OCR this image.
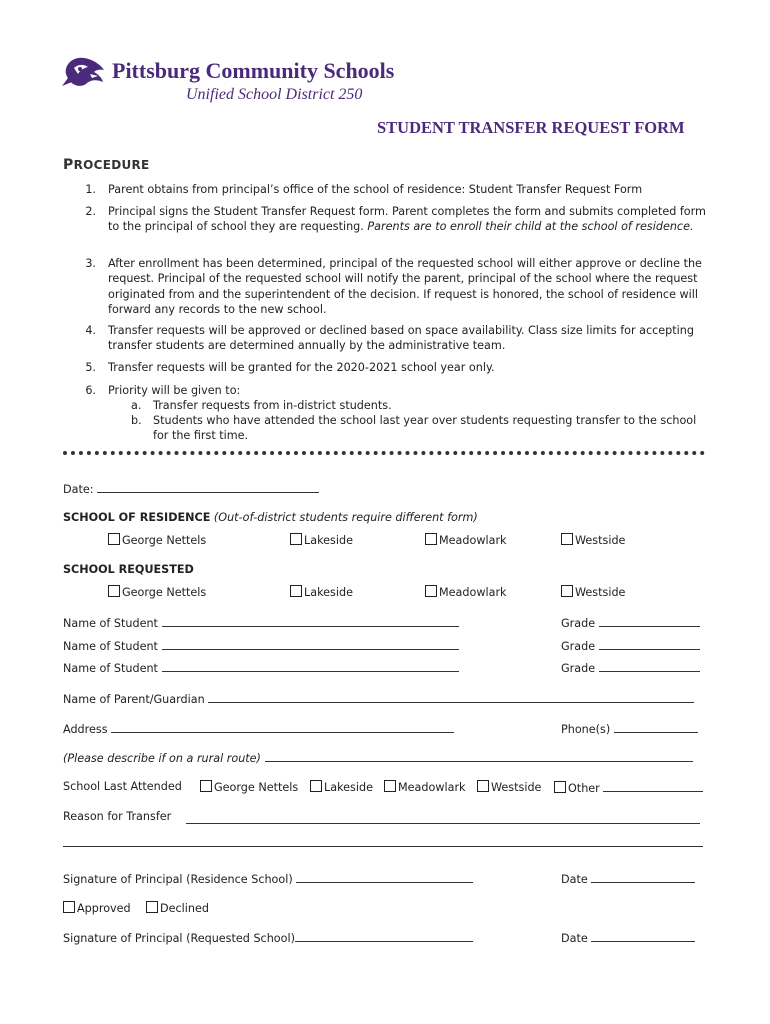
Pittsburg Community Schools
Unified School District 250
STUDENT TRANSFER REQUEST FORM
PROCEDURE
1. Parent obtains from principal’s office of the school of residence: Student Transfer Request Form
2. Principal signs the Student Transfer Request form. Parent completes the form and submits completed form to the principal of school they are requesting. Parents are to enroll their child at the school of residence.
3. After enrollment has been determined, principal of the requested school will either approve or decline the request. Principal of the requested school will notify the parent, principal of the school where the request originated from and the superintendent of the decision. If request is honored, the school of residence will forward any records to the new school.
4. Transfer requests will be approved or declined based on space availability. Class size limits for accepting transfer students are determined annually by the administrative team.
5. Transfer requests will be granted for the 2020-2021 school year only.
6. Priority will be given to:
a.	Transfer requests from in-district students.
b.	Students who have attended the school last year over students requesting transfer to the school for the first time.
Date:
SCHOOL OF RESIDENCE (Out-of-district students require different form)
George Nettels	Lakeside	Meadowlark	Westside
SCHOOL REQUESTED
George Nettels	Lakeside	Meadowlark	Westside
Name of Student	Grade
Name of Student	Grade
Name of Student	Grade
Name of Parent/Guardian
Address	Phone(s)
(Please describe if on a rural route)
School Last Attended	George Nettels	Lakeside	Meadowlark	Westside	Other
Reason for Transfer
Signature of Principal (Residence School)	Date
Approved	Declined
Signature of Principal (Requested School)	Date
